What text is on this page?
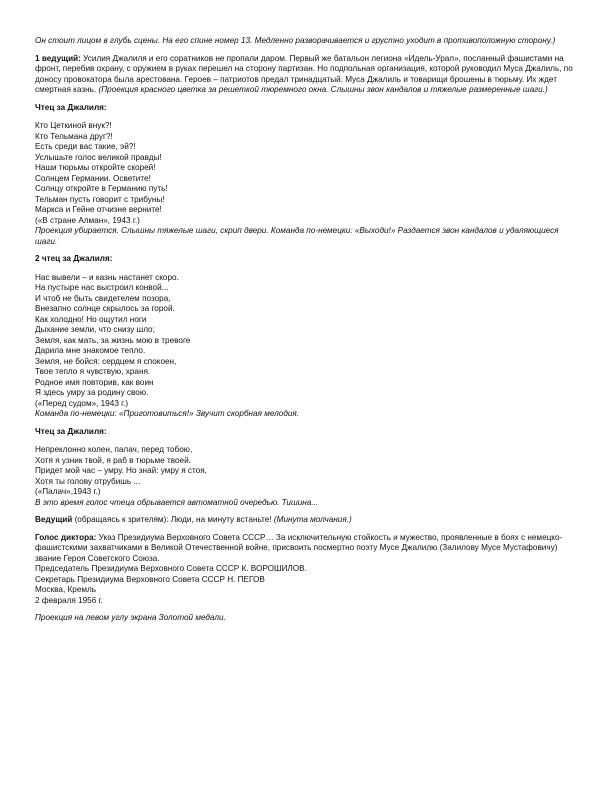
Он стоит лицом в глубь сцены. На его спине номер 13. Медленно разворачивается и грустно уходит в противоположную сторону.)

1 ведущий: Усилия Джалиля и его соратников не пропали даром. Первый же батальон легиона «Идель-Урал», посланный фашистами на фронт, перебив охрану, с оружием в руках перешел на сторону партизан. Но подпольная организация, которой руководил Муса Джалиль, по доносу провокатора была арестована. Героев – патриотов предал тринадцатый. Муса Джалиль и товарищи брошены в тюрьму. Их ждет смертная казнь. (Проекция красного цветка за решеткой тюремного окна. Слышны звон кандалов и тяжелые размеренные шаги.)

Чтец за Джалиля:

Кто Цеткиной внук?!
Кто Тельмана друг?!
Есть среди вас такие, эй?!
Услышьте голос великой правды!
Наши тюрьмы откройте скорей!
Солнцем Германии. Осветите!
Солнцу откройте в Германию путь!
Тельман пусть говорит с трибуны!
Маркса и Гейне отчизне верните!
(«В стране Алман», 1943 г.)

Проекция убирается. Слышны тяжелые шаги, скрип двери. Команда по-немецки: «Выходи!» Раздается звон кандалов и удаляющиеся шаги.

2 чтец за Джалиля:

Нас вывели – и казнь настанет скоро.
На пустыре нас выстроил конвой...
И чтоб не быть свидетелем позора,
Внезапно солнце скрылось за горой.
Как холодно! Но ощутил ноги
Дыхание земли, что снизу шло;
Земля, как мать, за жизнь мою в тревоге
Дарила мне знакомое тепло.
Земля, не бойся: сердцем я спокоен,
Твое тепло я чувствую, храня.
Родное имя повторив, как воин
Я здесь умру за родину свою.
(«Перед судом», 1943 г.)

Команда по-немецки: «Приготовиться!» Звучит скорбная мелодия.

Чтец за Джалиля:

Непреклонно колен, палач, перед тобою,
Хотя я узник твой, я раб в тюрьме твоей.
Придет мой час – умру. Но знай: умру я стоя,
Хотя ты голову отрубишь ...
(«Палач»,1943 г.)

В это время голос чтеца обрывается автоматной очередью. Тишина...

Ведущий (обращаясь к зрителям): Люди, на минуту встаньте! (Минута молчания.)

Голос диктора: Указ Президиума Верховного Совета СССР… За исключительную стойкость и мужество, проявленные в боях с немецко-фашистскими захватчиками в Великой Отечественной войне, присвоить посмертно поэту Мусе Джалилю (Залилову Мусе Мустафовичу) звание Героя Советского Союза.
Председатель Президиума Верховного Совета СССР К. ВОРОШИЛОВ.
Секретарь Президиума Верховного Совета СССР Н. ПЕГОВ
Москва, Кремль
2 февраля 1956 г.

Проекция на левом углу экрана Золотой медали.
